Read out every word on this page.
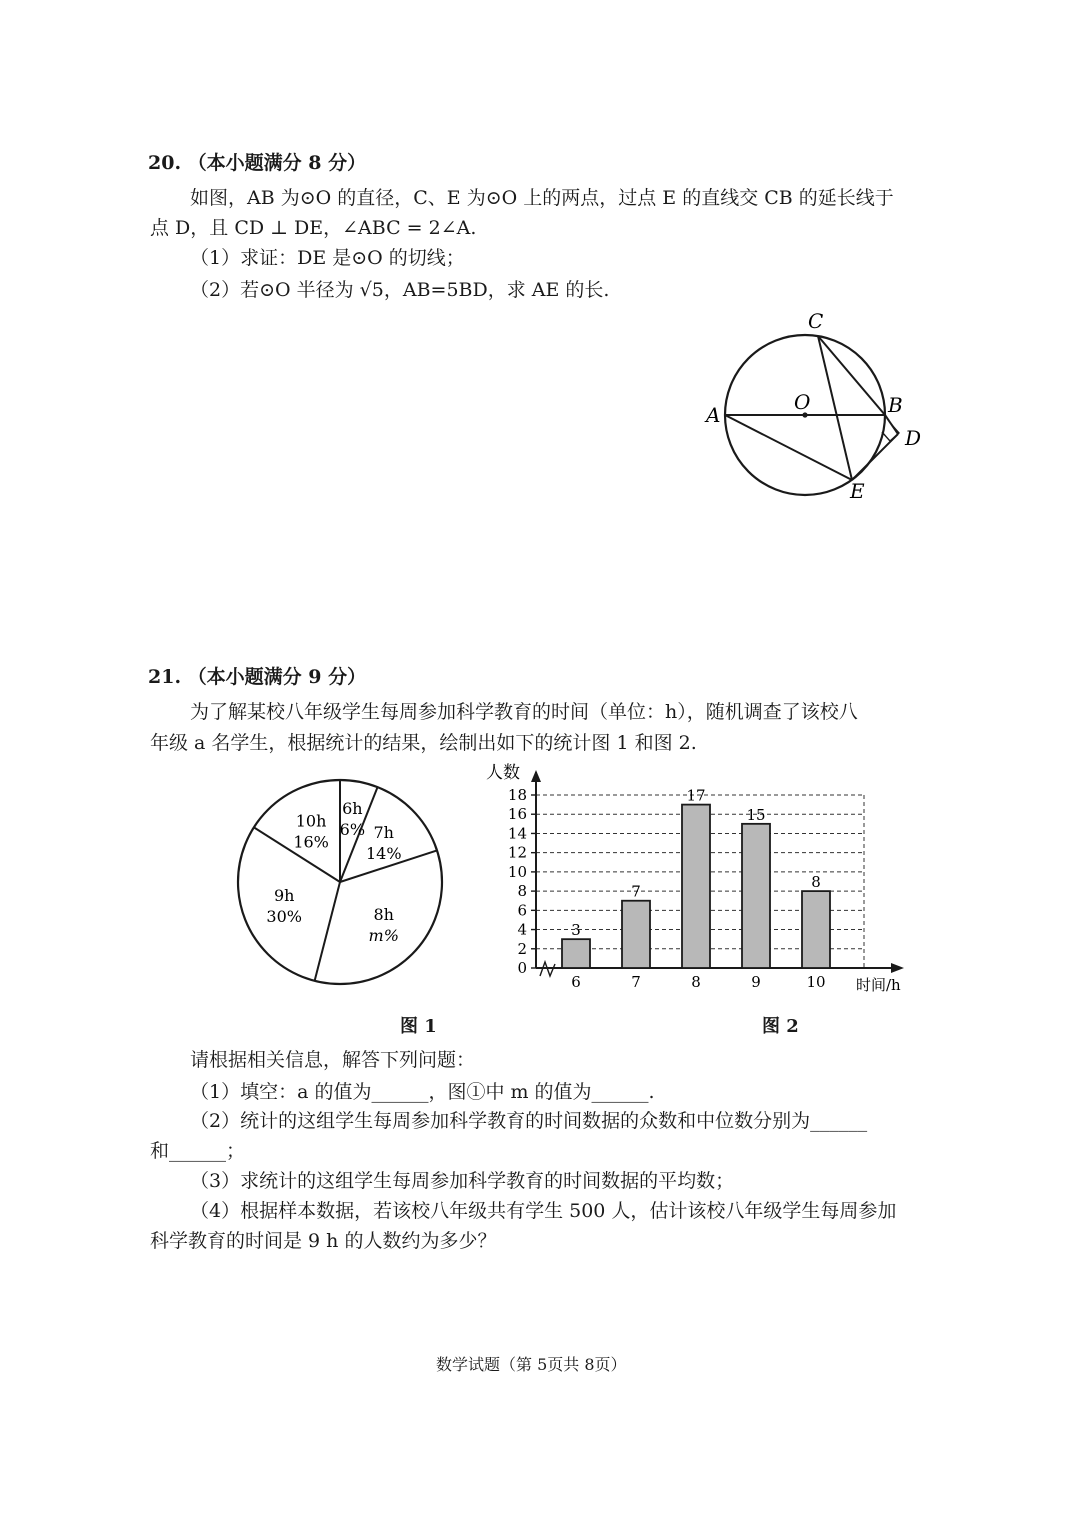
20. （本小题满分 8 分）
如图，AB 为⊙O 的直径，C、E 为⊙O 上的两点，过点 E 的直线交 CB 的延长线于
点 D，且 CD ⊥ DE，∠ABC = 2∠A.
（1）求证：DE 是⊙O 的切线；
（2）若⊙O 半径为 √5，AB=5BD，求 AE 的长.
C
O
A	B
D
E
21. （本小题满分 9 分）
为了解某校八年级学生每周参加科学教育的时间（单位：h），随机调查了该校八
年级 a 名学生，根据统计的结果，绘制出如下的统计图 1 和图 2.
6h
6% 7h
14%
8h
m%
9h
30%
10h
16%
图 1
0
2
4
6
8
10
12
14
16
18
3
7
17
15
8
6	7	8	9	10
人数
时间/h
图 2
请根据相关信息，解答下列问题：
（1）填空：a 的值为______，图①中 m 的值为______.
（2）统计的这组学生每周参加科学教育的时间数据的众数和中位数分别为______
和______；
（3）求统计的这组学生每周参加科学教育的时间数据的平均数；
（4）根据样本数据，若该校八年级共有学生 500 人，估计该校八年级学生每周参加
科学教育的时间是 9 h 的人数约为多少？
数学试题（第 5页共 8页）
